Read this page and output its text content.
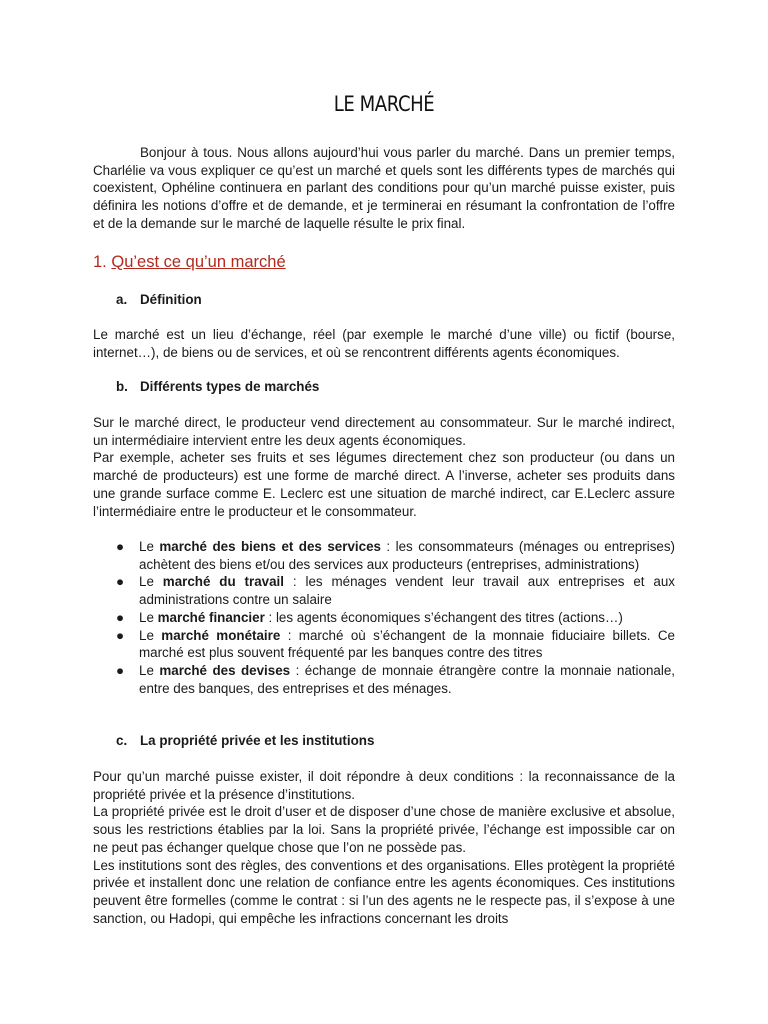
LE MARCHÉ
Bonjour à tous. Nous allons aujourd’hui vous parler du marché. Dans un premier temps, Charlélie va vous expliquer ce qu’est un marché et quels sont les différents types de marchés qui coexistent, Ophéline continuera en parlant des conditions pour qu’un marché puisse exister, puis définira les notions d’offre et de demande, et je terminerai en résumant la confrontation de l’offre et de la demande sur le marché de laquelle résulte le prix final.
1. Qu’est ce qu’un marché
a. Définition
Le marché est un lieu d’échange, réel (par exemple le marché d’une ville) ou fictif (bourse, internet…), de biens ou de services, et où se rencontrent différents agents économiques.
b. Différents types de marchés
Sur le marché direct, le producteur vend directement au consommateur. Sur le marché indirect, un intermédiaire intervient entre les deux agents économiques.
Par exemple, acheter ses fruits et ses légumes directement chez son producteur (ou dans un marché de producteurs) est une forme de marché direct. A l’inverse, acheter ses produits dans une grande surface comme E. Leclerc est une situation de marché indirect, car E.Leclerc assure l’intermédiaire entre le producteur et le consommateur.
● Le marché des biens et des services : les consommateurs (ménages ou entreprises) achètent des biens et/ou des services aux producteurs (entreprises, administrations)
● Le marché du travail : les ménages vendent leur travail aux entreprises et aux administrations contre un salaire
● Le marché financier : les agents économiques s’échangent des titres (actions…)
● Le marché monétaire : marché où s’échangent de la monnaie fiduciaire billets. Ce marché est plus souvent fréquenté par les banques contre des titres
● Le marché des devises : échange de monnaie étrangère contre la monnaie nationale, entre des banques, des entreprises et des ménages.
c. La propriété privée et les institutions
Pour qu’un marché puisse exister, il doit répondre à deux conditions : la reconnaissance de la propriété privée et la présence d’institutions.
La propriété privée est le droit d’user et de disposer d’une chose de manière exclusive et absolue, sous les restrictions établies par la loi. Sans la propriété privée, l’échange est impossible car on ne peut pas échanger quelque chose que l’on ne possède pas.
Les institutions sont des règles, des conventions et des organisations. Elles protègent la propriété privée et installent donc une relation de confiance entre les agents économiques. Ces institutions peuvent être formelles (comme le contrat : si l’un des agents ne le respecte pas, il s’expose à une sanction, ou Hadopi, qui empêche les infractions concernant les droits
